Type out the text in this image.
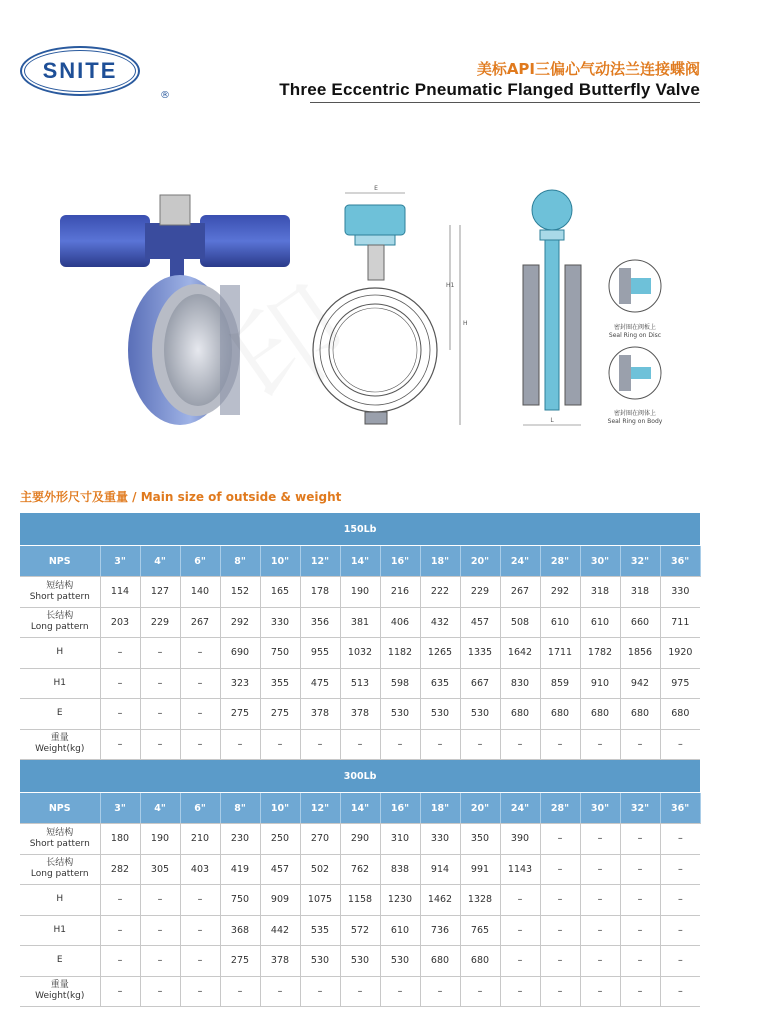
SNITE
®
美标API三偏心气动法兰连接蝶阀
Three Eccentric Pneumatic Flanged Butterfly Valve
E
H1
H
L
密封圈在阀板上
Seal Ring on Disc
密封圈在阀体上
Seal Ring on Body
主要外形尺寸及重量 / Main size of outside & weight
150Lb															
NPS	3"	4"	6"	8"	10"	12"	14"	16"	18"	20"	24"	28"	30"	32"	36"

短结构
Short pattern	114	127	140	152	165	178	190	216	222	229	267	292	318	318	330

长结构
Long pattern	203	229	267	292	330	356	381	406	432	457	508	610	610	660	711

H	–	–	–	690	750	955	1032	1182	1265	1335	1642	1711	1782	1856	1920

H1	–	–	–	323	355	475	513	598	635	667	830	859	910	942	975

E	–	–	–	275	275	378	378	530	530	530	680	680	680	680	680

重量
Weight(kg)	–	–	–	–	–	–	–	–	–	–	–	–	–	–	–
300Lb															
NPS	3"	4"	6"	8"	10"	12"	14"	16"	18"	20"	24"	28"	30"	32"	36"

短结构
Short pattern	180	190	210	230	250	270	290	310	330	350	390	–	–	–	–

长结构
Long pattern	282	305	403	419	457	502	762	838	914	991	1143	–	–	–	–

H	–	–	–	750	909	1075	1158	1230	1462	1328	–	–	–	–	–

H1	–	–	–	368	442	535	572	610	736	765	–	–	–	–	–

E	–	–	–	275	378	530	530	530	680	680	–	–	–	–	–

重量
Weight(kg)	–	–	–	–	–	–	–	–	–	–	–	–	–	–	–
